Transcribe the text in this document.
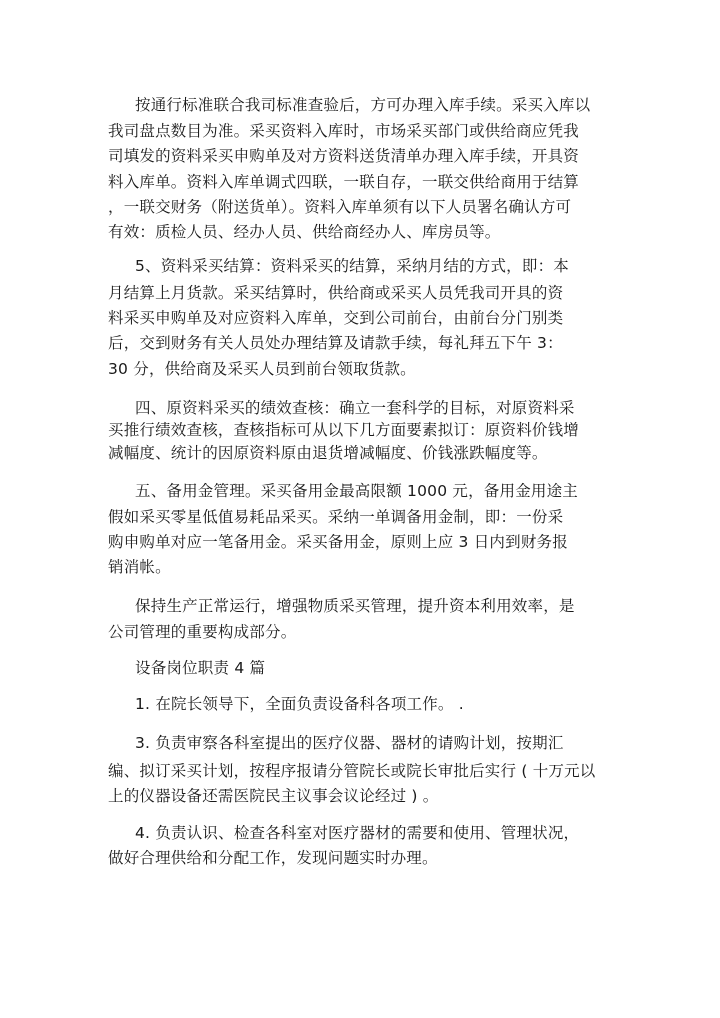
按通行标准联合我司标准查验后，方可办理入库手续。采买入库以
我司盘点数目为准。采买资料入库时，市场采买部门或供给商应凭我
司填发的资料采买申购单及对方资料送货清单办理入库手续，开具资
料入库单。资料入库单调式四联，一联自存，一联交供给商用于结算
，一联交财务（附送货单）。资料入库单须有以下人员署名确认方可
有效：质检人员、经办人员、供给商经办人、库房员等。
5、资料采买结算：资料采买的结算，采纳月结的方式，即：本
月结算上月货款。采买结算时，供给商或采买人员凭我司开具的资
料采买申购单及对应资料入库单，交到公司前台，由前台分门别类
后，交到财务有关人员处办理结算及请款手续，每礼拜五下午 3：
30 分，供给商及采买人员到前台领取货款。
四、原资料采买的绩效查核：确立一套科学的目标，对原资料采
买推行绩效查核，查核指标可从以下几方面要素拟订：原资料价钱增
减幅度、统计的因原资料原由退货增减幅度、价钱涨跌幅度等。
五、备用金管理。采买备用金最高限额 1000 元，备用金用途主
假如采买零星低值易耗品采买。采纳一单调备用金制，即：一份采
购申购单对应一笔备用金。采买备用金，原则上应 3 日内到财务报
销消帐。
保持生产正常运行，增强物质采买管理，提升资本利用效率，是
公司管理的重要构成部分。
设备岗位职责 4 篇
1. 在院长领导下，全面负责设备科各项工作。 .
3. 负责审察各科室提出的医疗仪器、器材的请购计划，按期汇
编、拟订采买计划，按程序报请分管院长或院长审批后实行 ( 十万元以
上的仪器设备还需医院民主议事会议论经过 ) 。
4. 负责认识、检查各科室对医疗器材的需要和使用、管理状况，
做好合理供给和分配工作，发现问题实时办理。
